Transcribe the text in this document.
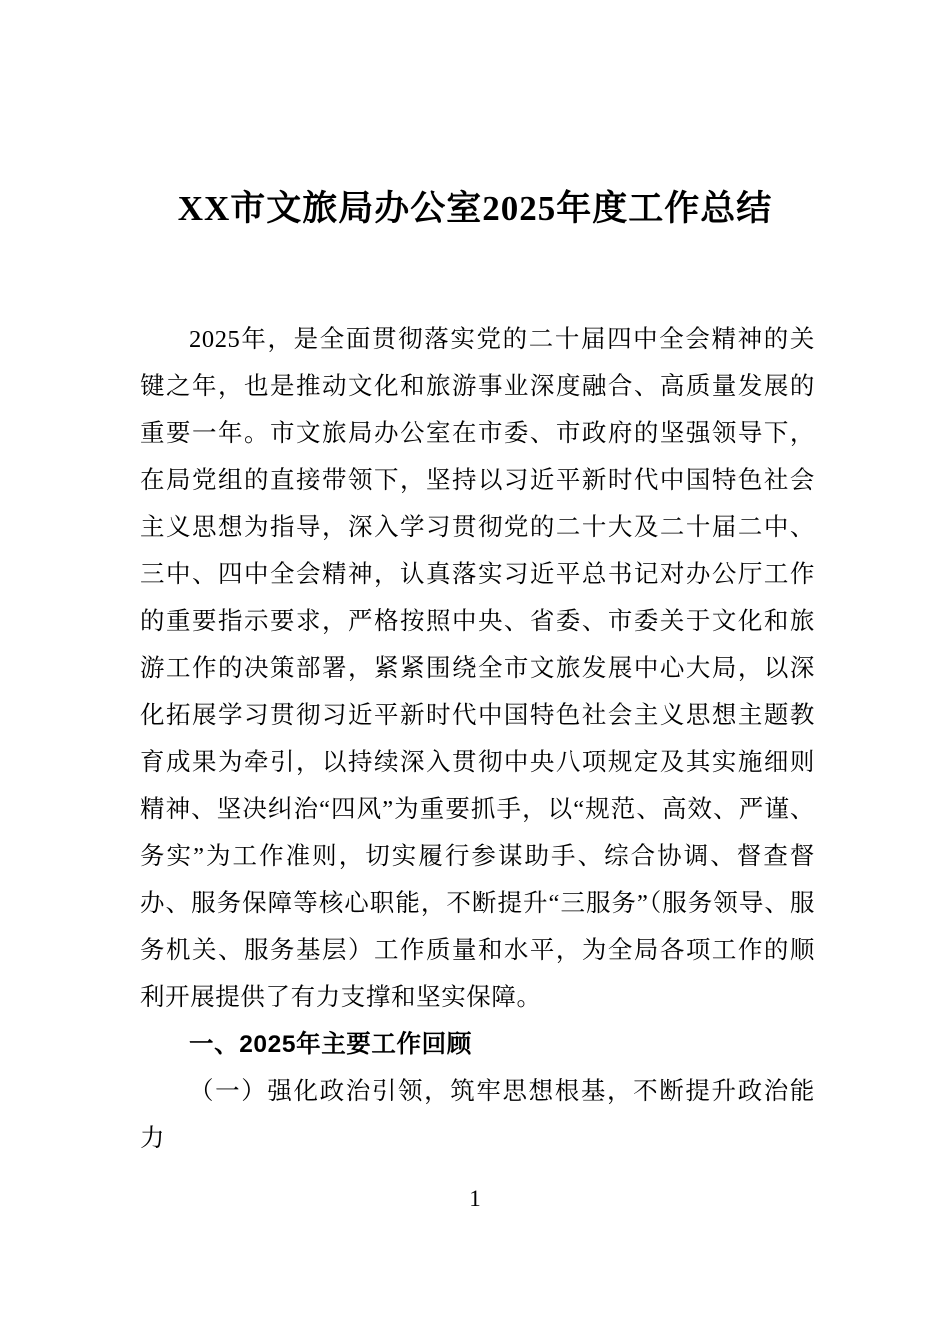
XX市文旅局办公室2025年度工作总结

2025年，是全面贯彻落实党的二十届四中全会精神的关键之年，也是推动文化和旅游事业深度融合、高质量发展的重要一年。市文旅局办公室在市委、市政府的坚强领导下，在局党组的直接带领下，坚持以习近平新时代中国特色社会主义思想为指导，深入学习贯彻党的二十大及二十届二中、三中、四中全会精神，认真落实习近平总书记对办公厅工作的重要指示要求，严格按照中央、省委、市委关于文化和旅游工作的决策部署，紧紧围绕全市文旅发展中心大局，以深化拓展学习贯彻习近平新时代中国特色社会主义思想主题教育成果为牵引，以持续深入贯彻中央八项规定及其实施细则精神、坚决纠治“四风”为重要抓手，以“规范、高效、严谨、务实”为工作准则，切实履行参谋助手、综合协调、督查督办、服务保障等核心职能，不断提升“三服务”（服务领导、服务机关、服务基层）工作质量和水平，为全局各项工作的顺利开展提供了有力支撑和坚实保障。

一、2025年主要工作回顾

（一）强化政治引领，筑牢思想根基，不断提升政治能力

1
